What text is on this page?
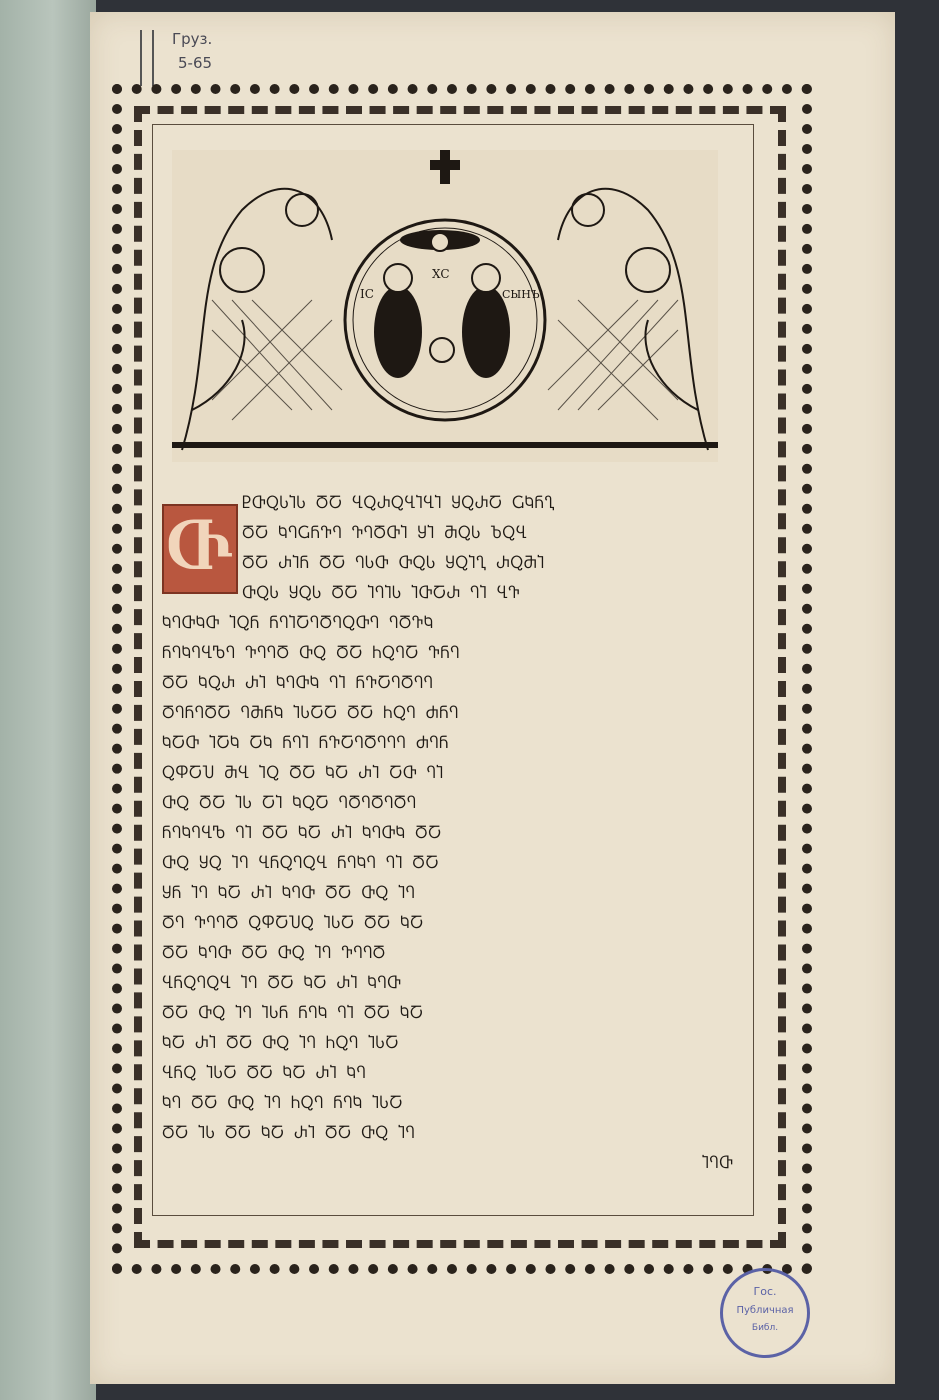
Груз.
5-65
IC
XC
СЫНЪ
Ⴇ
ႲႧႭႱႨႱ ႣႠ ႡႭႰႭႡႨႡႨ ႸႭႰႠ ႺႩႬႢ
ႣႠ ႩႤႺႬႥႤ ႥႤႣႧႨ ႸႨ ႫႭႱ ႦႭႡ
ႣႠ ႰႨႬ ႣႠ ႤႱႧ ႧႭႱ ႸႭႨႢ ႰႭႫႨ
ႧႭႱ ႸႭႱ ႣႠ ႨႤႨႱ ႨႧႠႰ ႤႨ ႡႥ
ႩႤႧႩႧ ႨႭႬ ႬႤႨႠႤႣႤႭႧႤ ႤႣႥႩ
ႬႤႩႤႡႪႤ ႥႤႤႣ ႧႭ ႣႠ ႹႭႤႠ ႥႬႤ
ႣႠ ႩႭႰ ႰႨ ႩႤႧႩ ႤႨ ႬႥႠႤႣႤႤ
ႣႤႬႤႣႠ ႤႫႬႩ ႨႱႠႠ ႣႠ ႹႭႤ ႻႬႤ
ႩႠႧ ႨႠႩ ႠႩ ႬႤႨ ႬႥႠႤႣႤႤႤ ႻႤႬ
ႭႴႠႮ ႫႡ ႨႭ ႣႠ ႩႠ ႰႨ ႠႧ ႤႨ
ႧႭ ႣႠ ႨႱ ႠႨ ႩႭႠ ႤႣႤႣႤႣႤ
ႬႤႩႤႡႪ ႤႨ ႣႠ ႩႠ ႰႨ ႩႤႧႩ ႣႠ
ႧႭ ႸႭ ႨႤ ႡႬႭႤႭႡ ႬႤႩႤ ႤႨ ႣႠ
ႸႬ ႨႤ ႩႠ ႰႨ ႩႤႧ ႣႠ ႧႭ ႨႤ
ႣႤ ႥႤႤႣ ႭႴႠႮႭ ႨႱႠ ႣႠ ႩႠ
ႣႠ ႩႤႧ ႣႠ ႧႭ ႨႤ ႥႤႤႣ
ႡႬႭႤႭႡ ႨႤ ႣႠ ႩႠ ႰႨ ႩႤႧ
ႣႠ ႧႭ ႨႤ ႨႱႬ ႬႤႩ ႤႨ ႣႠ ႩႠ
ႩႠ ႰႨ ႣႠ ႧႭ ႨႤ ႹႭႤ ႨႱႠ
ႡႬႭ ႨႱႠ ႣႠ ႩႠ ႰႨ ႩႤ
ႩႤ ႣႠ ႧႭ ႨႤ ႹႭႤ ႬႤႩ ႨႱႠ
ႣႠ ႨႱ ႣႠ ႩႠ ႰႨ ႣႠ ႧႭ ႨႤ
ႨႤႧ
Гос.
Публичная
Библ.
